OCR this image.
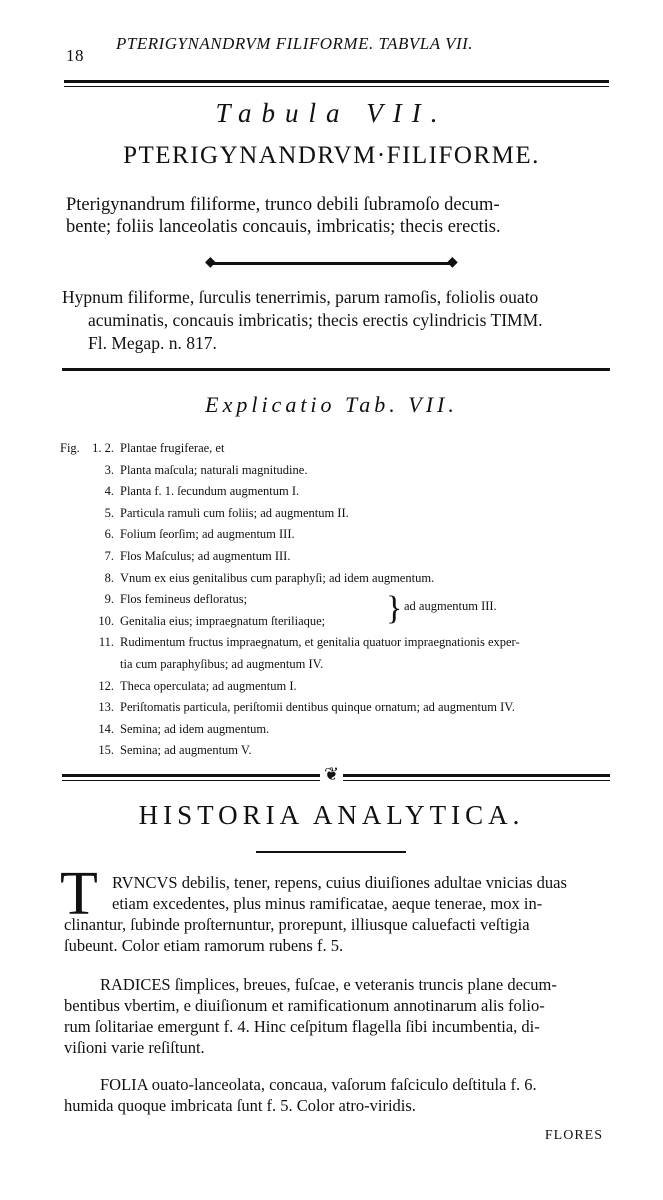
18
PTERIGYNANDRVM FILIFORME. TABVLA VII.
Tabula VII.
PTERIGYNANDRVM·FILIFORME.
Pterigynandrum filiforme, trunco debili ſubramoſo decum-
bente; foliis lanceolatis concauis, imbricatis; thecis erectis.
◆	◆
Hypnum filiforme, ſurculis tenerrimis, parum ramoſis, foliolis ouato
acuminatis, concauis imbricatis; thecis erectis cylindricis TIMM.
Fl. Megap. n. 817.
Explicatio Tab. VII.
Fig. 1. 2. Plantae frugiferae, et
3. Planta maſcula; naturali magnitudine.
4. Planta f. 1. ſecundum augmentum I.
5. Particula ramuli cum foliis; ad augmentum II.
6. Folium ſeorſim; ad augmentum III.
7. Flos Maſculus; ad augmentum III.
8. Vnum ex eius genitalibus cum paraphyſi; ad idem augmentum.
9. Flos femineus defloratus;
10. Genitalia eius; impraegnatum ſteriliaque;	} ad augmentum III.
11. Rudimentum fructus impraegnatum, et genitalia quatuor impraegnationis exper-
tia cum paraphyſibus; ad augmentum IV.
12. Theca operculata; ad augmentum I.
13. Periſtomatis particula, periſtomii dentibus quinque ornatum; ad augmentum IV.
14. Semina; ad idem augmentum.
15. Semina; ad augmentum V.
❦
HISTORIA ANALYTICA.
T RVNCVS debilis, tener, repens, cuius diuiſiones adultae vnicias duas
etiam excedentes, plus minus ramificatae, aeque tenerae, mox in-
clinantur, ſubinde proſternuntur, prorepunt, illiusque caluefacti veſtigia
ſubeunt. Color etiam ramorum rubens f. 5.
RADICES ſimplices, breues, fuſcae, e veteranis truncis plane decum-
bentibus vbertim, e diuiſionum et ramificationum annotinarum alis folio-
rum ſolitariae emergunt f. 4. Hinc ceſpitum flagella ſibi incumbentia, di-
viſioni varie reſiſtunt.
FOLIA ouato-lanceolata, concaua, vaſorum faſciculo deſtitula f. 6.
humida quoque imbricata ſunt f. 5. Color atro-viridis.
FLORES
